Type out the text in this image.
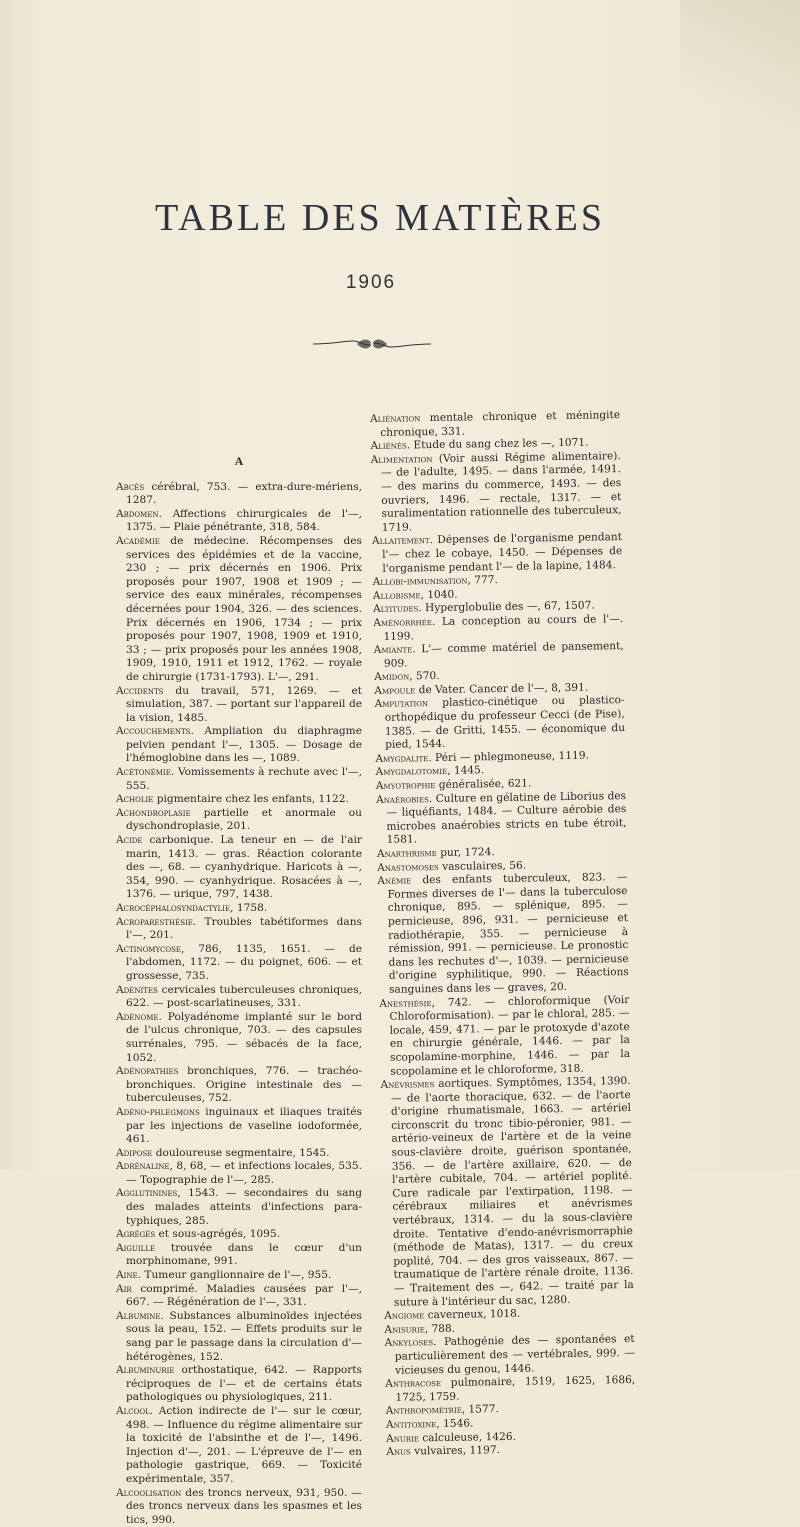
TABLE DES MATIÈRES
1906
A

Abcès cérébral, 753. — extra-dure-mériens, 1287.

Abdomen. Affections chirurgicales de l'—, 1375. — Plaie pénétrante, 318, 584.

Académie de médecine. Récompenses des services des épidémies et de la vaccine, 230 ; — prix décernés en 1906. Prix proposés pour 1907, 1908 et 1909 ; — service des eaux minérales, récompenses décernées pour 1904, 326. — des sciences. Prix décernés en 1906, 1734 ; — prix proposés pour 1907, 1908, 1909 et 1910, 33 ; — prix proposés pour les années 1908, 1909, 1910, 1911 et 1912, 1762. — royale de chirurgie (1731-1793). L'—, 291.

Accidents du travail, 571, 1269. — et simulation, 387. — portant sur l'appareil de la vision, 1485.

Accouchements. Ampliation du diaphragme pelvien pendant l'—, 1305. — Dosage de l'hémoglobine dans les —, 1089.

Acétonémie. Vomissements à rechute avec l'—, 555.

Acholie pigmentaire chez les enfants, 1122.

Achondroplasie partielle et anormale ou dyschondroplasie, 201.

Acide carbonique. La teneur en — de l'air marin, 1413. — gras. Réaction colorante des —, 68. — cyanhydrique. Haricots à —, 354, 990. — cyanhydrique. Rosacées à —, 1376. — urique, 797, 1438.

Acrocéphalosyndactylie, 1758.

Acroparesthésie. Troubles tabétiformes dans l'—, 201.

Actinomycose, 786, 1135, 1651. — de l'abdomen, 1172. — du poignet, 606. — et grossesse, 735.

Adénites cervicales tuberculeuses chroniques, 622. — post-scarlatineuses, 331.

Adénome. Polyadénome implanté sur le bord de l'ulcus chronique, 703. — des capsules surrénales, 795. — sébacés de la face, 1052.

Adénopathies bronchiques, 776. — trachéo-bronchiques. Origine intestinale des — tuberculeuses, 752.

Adéno-phlegmons inguinaux et iliaques traités par les injections de vaseline iodoformée, 461.

Adipose douloureuse segmentaire, 1545.

Adrénaline, 8, 68, — et infections locales, 535. — Topographie de l'—, 285.

Agglutinines, 1543. — secondaires du sang des malades atteints d'infections para-typhiques, 285.

Agrégés et sous-agrégés, 1095.

Aiguille trouvée dans le cœur d'un morphinomane, 991.

Aine. Tumeur ganglionnaire de l'—, 955.

Air comprimé. Maladies causées par l'—, 667. — Régénération de l'—, 331.

Albumine. Substances albuminoïdes injectées sous la peau, 152. — Effets produits sur le sang par le passage dans la circulation d'— hétérogènes, 152.

Albuminurie orthostatique, 642. — Rapports réciproques de l'— et de certains états pathologiques ou physiologiques, 211.

Alcool. Action indirecte de l'— sur le cœur, 498. — Influence du régime alimentaire sur la toxicité de l'absinthe et de l'—, 1496. Injection d'—, 201. — L'épreuve de l'— en pathologie gastrique, 669. — Toxicité expérimentale, 357.

Alcoolisation des troncs nerveux, 931, 950. — des troncs nerveux dans les spasmes et les tics, 990.

Aliénation mentale chronique et méningite chronique, 331.

Aliénés. Etude du sang chez les —, 1071.

Alimentation (Voir aussi Régime alimentaire). — de l'adulte, 1495. — dans l'armée, 1491. — des marins du commerce, 1493. — des ouvriers, 1496. — rectale, 1317. — et suralimentation rationnelle des tuberculeux, 1719.

Allaitement. Dépenses de l'organisme pendant l'— chez le cobaye, 1450. — Dépenses de l'organisme pendant l'— de la lapine, 1484.

Allobi-immunisation, 777.

Allobisme, 1040.

Altitudes. Hyperglobulie des —, 67, 1507.

Aménorrhée. La conception au cours de l'—. 1199.

Amiante. L'— comme matériel de pansement, 909.

Amidon, 570.

Ampoule de Vater. Cancer de l'—, 8, 391.

Amputation plastico-cinétique ou plastico-orthopédique du professeur Cecci (de Pise), 1385. — de Gritti, 1455. — économique du pied, 1544.

Amygdalite. Péri — phlegmoneuse, 1119.

Amygdalotomie, 1445.

Amyotrophie généralisée, 621.

Anaérobies. Culture en gélatine de Liborius des — liquéfiants, 1484. — Culture aérobie des microbes anaérobies stricts en tube étroit, 1581.

Anarthrisme pur, 1724.

Anastomoses vasculaires, 56.

Anémie des enfants tuberculeux, 823. — Formes diverses de l'— dans la tuberculose chronique, 895. — splénique, 895. — pernicieuse, 896, 931. — pernicieuse et radiothérapie, 355. — pernicieuse à rémission, 991. — pernicieuse. Le pronostic dans les rechutes d'—, 1039. — pernicieuse d'origine syphilitique, 990. — Réactions sanguines dans les — graves, 20.

Anesthésie, 742. — chloroformique (Voir Chloroformisation). — par le chloral, 285. — locale, 459, 471. — par le protoxyde d'azote en chirurgie générale, 1446. — par la scopolamine-morphine, 1446. — par la scopolamine et le chloroforme, 318.

Anévrismes aortiques. Symptômes, 1354, 1390. — de l'aorte thoracique, 632. — de l'aorte d'origine rhumatismale, 1663. — artériel circonscrit du tronc tibio-péronier, 981. — artério-veineux de l'artère et de la veine sous-clavière droite, guérison spontanée, 356. — de l'artère axillaire, 620. — de l'artère cubitale, 704. — artériel poplité. Cure radicale par l'extirpation, 1198. — cérébraux miliaires et anévrismes vertébraux, 1314. — du la sous-clavière droite. Tentative d'endo-anévrismorraphie (méthode de Matas), 1317. — du creux poplité, 704. — des gros vaisseaux, 867. — traumatique de l'artère rénale droite, 1136. — Traitement des —, 642. — traité par la suture à l'intérieur du sac, 1280.

Angiome caverneux, 1018.

Anisurie, 788.

Ankyloses. Pathogénie des — spontanées et particulièrement des — vertébrales, 999. — vicieuses du genou, 1446.

Anthracose pulmonaire, 1519, 1625, 1686, 1725, 1759.

Anthropométrie, 1577.

Antitoxine, 1546.

Anurie calculeuse, 1426.

Anus vulvaires, 1197.
